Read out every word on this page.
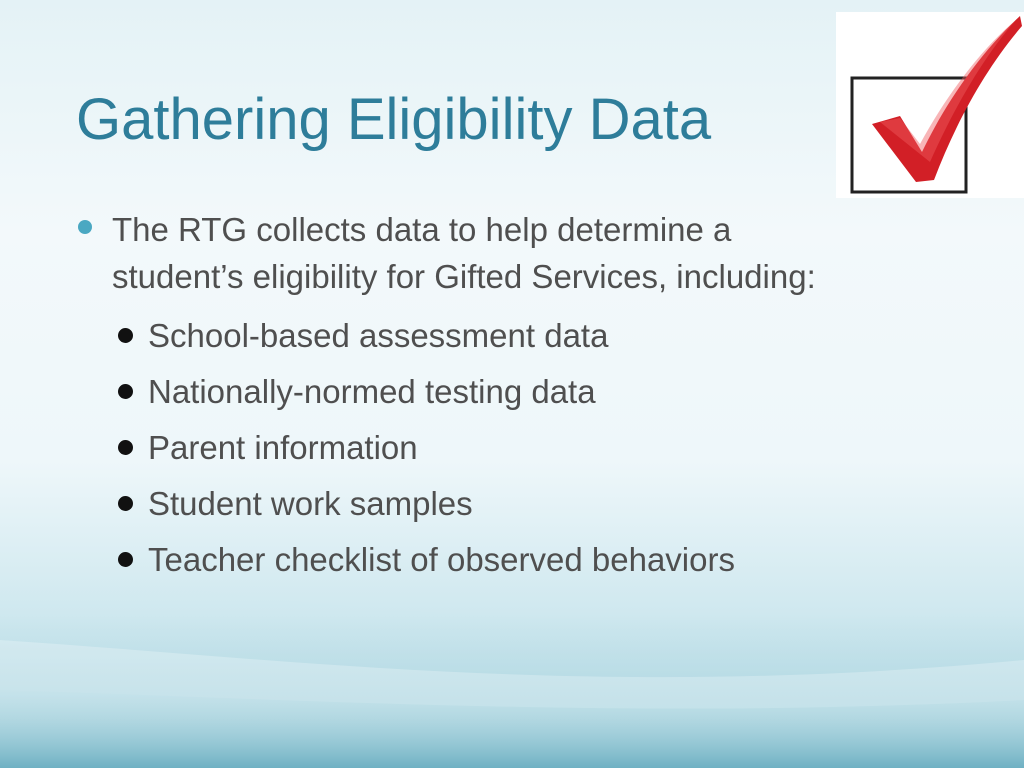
Gathering Eligibility Data
The RTG collects data to help determine a student’s eligibility for Gifted Services, including:
School-based assessment data
Nationally-normed testing data
Parent information
Student work samples
Teacher checklist of observed behaviors
